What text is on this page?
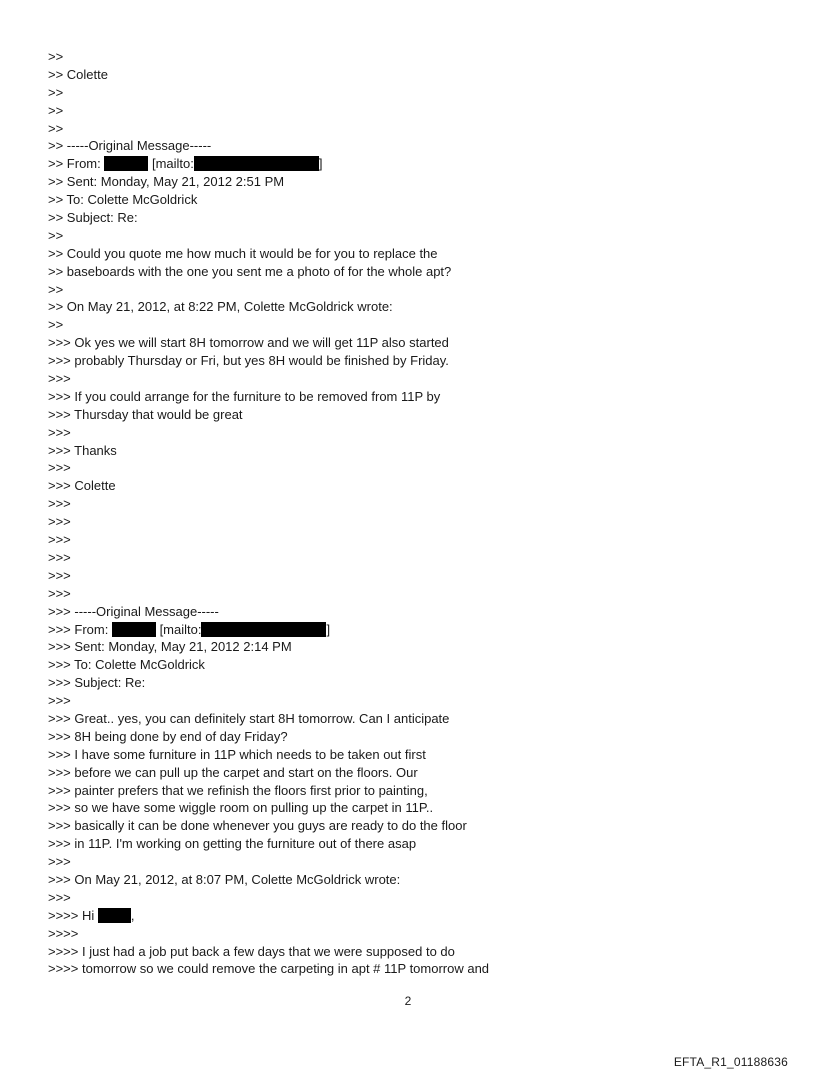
>>
>> Colette
>>
>>
>>
>> -----Original Message-----
>> From:	[mailto:	]
>> Sent: Monday, May 21, 2012 2:51 PM
>> To: Colette McGoldrick
>> Subject: Re:
>>
>> Could you quote me how much it would be for you to replace the
>> baseboards with the one you sent me a photo of for the whole apt?
>>
>> On May 21, 2012, at 8:22 PM, Colette McGoldrick wrote:
>>
>>> Ok yes we will start 8H tomorrow and we will get 11P also started
>>> probably Thursday or Fri, but yes 8H would be finished by Friday.
>>>
>>> If you could arrange for the furniture to be removed from 11P by
>>> Thursday that would be great
>>>
>>> Thanks
>>>
>>> Colette
>>>
>>>
>>>
>>>
>>>
>>>
>>> -----Original Message-----
>>> From:	[mailto:	]
>>> Sent: Monday, May 21, 2012 2:14 PM
>>> To: Colette McGoldrick
>>> Subject: Re:
>>>
>>> Great.. yes, you can definitely start 8H tomorrow. Can I anticipate
>>> 8H being done by end of day Friday?
>>> I have some furniture in 11P which needs to be taken out first
>>> before we can pull up the carpet and start on the floors. Our
>>> painter prefers that we refinish the floors first prior to painting,
>>> so we have some wiggle room on pulling up the carpet in 11P..
>>> basically it can be done whenever you guys are ready to do the floor
>>> in 11P. I'm working on getting the furniture out of there asap
>>>
>>> On May 21, 2012, at 8:07 PM, Colette McGoldrick wrote:
>>>
>>>> Hi	,
>>>>
>>>> I just had a job put back a few days that we were supposed to do
>>>> tomorrow so we could remove the carpeting in apt # 11P tomorrow and
2
EFTA_R1_01188636
